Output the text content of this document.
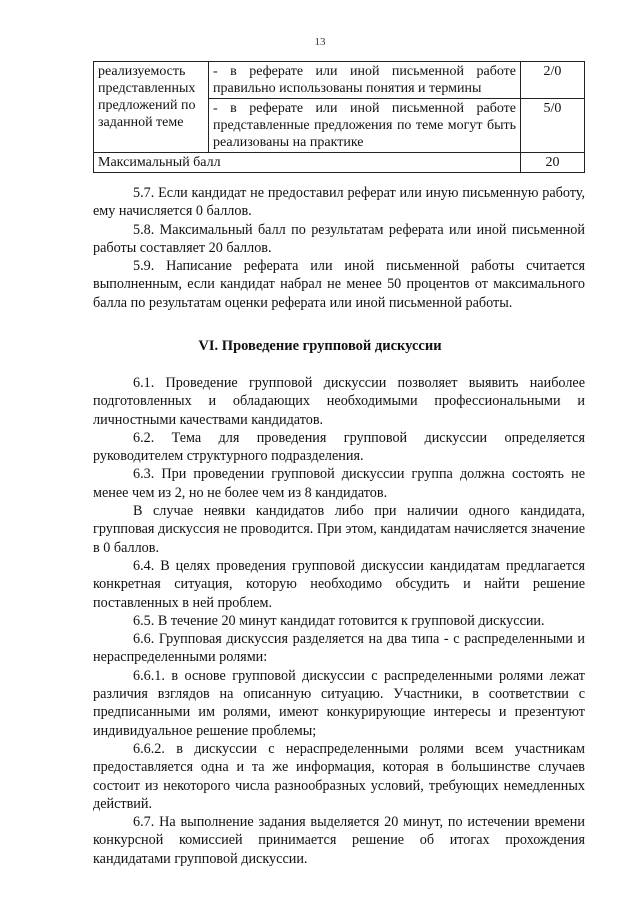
13
реализуемость представленных предложений по заданной теме	- в реферате или иной письменной работе правильно использованы понятия и термины	2/0
	- в реферате или иной письменной работе представленные предложения по теме могут быть реализованы на практике	5/0
Максимальный балл		20

5.7. Если кандидат не предоставил реферат или иную письменную работу, ему начисляется 0 баллов.

5.8. Максимальный балл по результатам реферата или иной письменной работы составляет 20 баллов.

5.9. Написание реферата или иной письменной работы считается выполненным, если кандидат набрал не менее 50 процентов от максимального балла по результатам оценки реферата или иной письменной работы.

VI. Проведение групповой дискуссии

6.1. Проведение групповой дискуссии позволяет выявить наиболее подготовленных и обладающих необходимыми профессиональными и личностными качествами кандидатов.

6.2. Тема для проведения групповой дискуссии определяется руководителем структурного подразделения.

6.3. При проведении групповой дискуссии группа должна состоять не менее чем из 2, но не более чем из 8 кандидатов.

В случае неявки кандидатов либо при наличии одного кандидата, групповая дискуссия не проводится. При этом, кандидатам начисляется значение в 0 баллов.

6.4. В целях проведения групповой дискуссии кандидатам предлагается конкретная ситуация, которую необходимо обсудить и найти решение поставленных в ней проблем.

6.5. В течение 20 минут кандидат готовится к групповой дискуссии.

6.6. Групповая дискуссия разделяется на два типа - с распределенными и нераспределенными ролями:

6.6.1. в основе групповой дискуссии с распределенными ролями лежат различия взглядов на описанную ситуацию. Участники, в соответствии с предписанными им ролями, имеют конкурирующие интересы и презентуют индивидуальное решение проблемы;

6.6.2. в дискуссии с нераспределенными ролями всем участникам предоставляется одна и та же информация, которая в большинстве случаев состоит из некоторого числа разнообразных условий, требующих немедленных действий.

6.7. На выполнение задания выделяется 20 минут, по истечении времени конкурсной комиссией принимается решение об итогах прохождения кандидатами групповой дискуссии.
